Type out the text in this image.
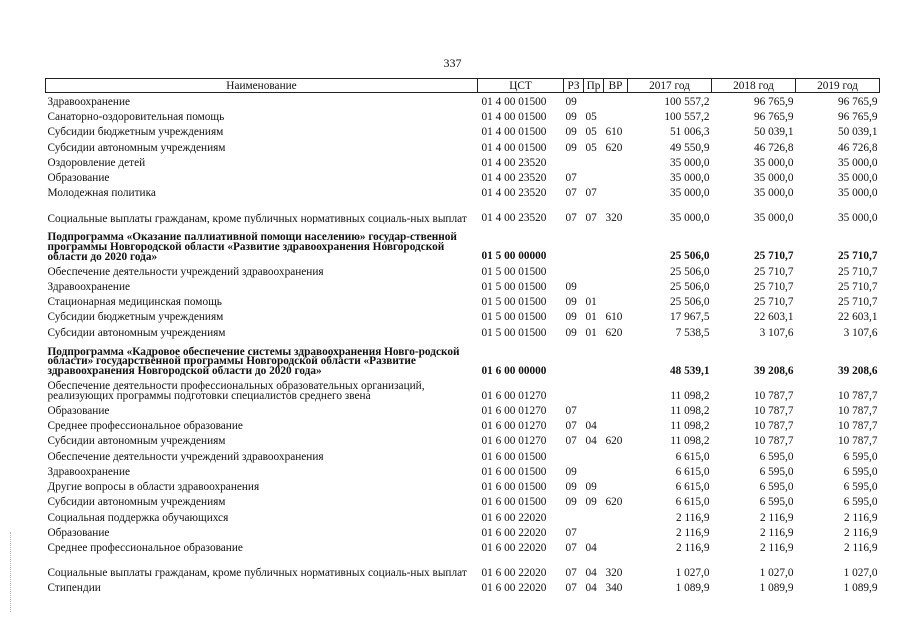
337
Наименование	ЦСТ	РЗ	Пр	ВР	2017 год	2018 год	2019 год
Здравоохранение	01 4 00 01500	09			100 557,2	96 765,9	96 765,9
Санаторно-оздоровительная помощь	01 4 00 01500	09	05		100 557,2	96 765,9	96 765,9
Субсидии бюджетным учреждениям	01 4 00 01500	09	05	610	51 006,3	50 039,1	50 039,1
Субсидии автономным учреждениям	01 4 00 01500	09	05	620	49 550,9	46 726,8	46 726,8
Оздоровление детей	01 4 00 23520				35 000,0	35 000,0	35 000,0
Образование	01 4 00 23520	07			35 000,0	35 000,0	35 000,0
Молодежная политика	01 4 00 23520	07	07		35 000,0	35 000,0	35 000,0
Социальные выплаты гражданам, кроме публичных нормативных социаль-ных выплат	01 4 00 23520	07	07	320	35 000,0	35 000,0	35 000,0
Подпрограмма «Оказание паллиативной помощи населению» государ-ственной программы Новгородской области «Развитие здравоохранения Новгородской области до 2020 года»	01 5 00 00000				25 506,0	25 710,7	25 710,7
Обеспечение деятельности учреждений здравоохранения	01 5 00 01500				25 506,0	25 710,7	25 710,7
Здравоохранение	01 5 00 01500	09			25 506,0	25 710,7	25 710,7
Стационарная медицинская помощь	01 5 00 01500	09	01		25 506,0	25 710,7	25 710,7
Субсидии бюджетным учреждениям	01 5 00 01500	09	01	610	17 967,5	22 603,1	22 603,1
Субсидии автономным учреждениям	01 5 00 01500	09	01	620	7 538,5	3 107,6	3 107,6
Подпрограмма «Кадровое обеспечение системы здравоохранения Новго-родской области» государственной программы Новгородской области «Развитие здравоохранения Новгородской области до 2020 года»	01 6 00 00000				48 539,1	39 208,6	39 208,6
Обеспечение деятельности профессиональных образовательных организаций, реализующих программы подготовки специалистов среднего звена	01 6 00 01270				11 098,2	10 787,7	10 787,7
Образование	01 6 00 01270	07			11 098,2	10 787,7	10 787,7
Среднее профессиональное образование	01 6 00 01270	07	04		11 098,2	10 787,7	10 787,7
Субсидии автономным учреждениям	01 6 00 01270	07	04	620	11 098,2	10 787,7	10 787,7
Обеспечение деятельности учреждений здравоохранения	01 6 00 01500				6 615,0	6 595,0	6 595,0
Здравоохранение	01 6 00 01500	09			6 615,0	6 595,0	6 595,0
Другие вопросы в области здравоохранения	01 6 00 01500	09	09		6 615,0	6 595,0	6 595,0
Субсидии автономным учреждениям	01 6 00 01500	09	09	620	6 615,0	6 595,0	6 595,0
Социальная поддержка обучающихся	01 6 00 22020				2 116,9	2 116,9	2 116,9
Образование	01 6 00 22020	07			2 116,9	2 116,9	2 116,9
Среднее профессиональное образование	01 6 00 22020	07	04		2 116,9	2 116,9	2 116,9
Социальные выплаты гражданам, кроме публичных нормативных социаль-ных выплат	01 6 00 22020	07	04	320	1 027,0	1 027,0	1 027,0
Стипендии	01 6 00 22020	07	04	340	1 089,9	1 089,9	1 089,9
